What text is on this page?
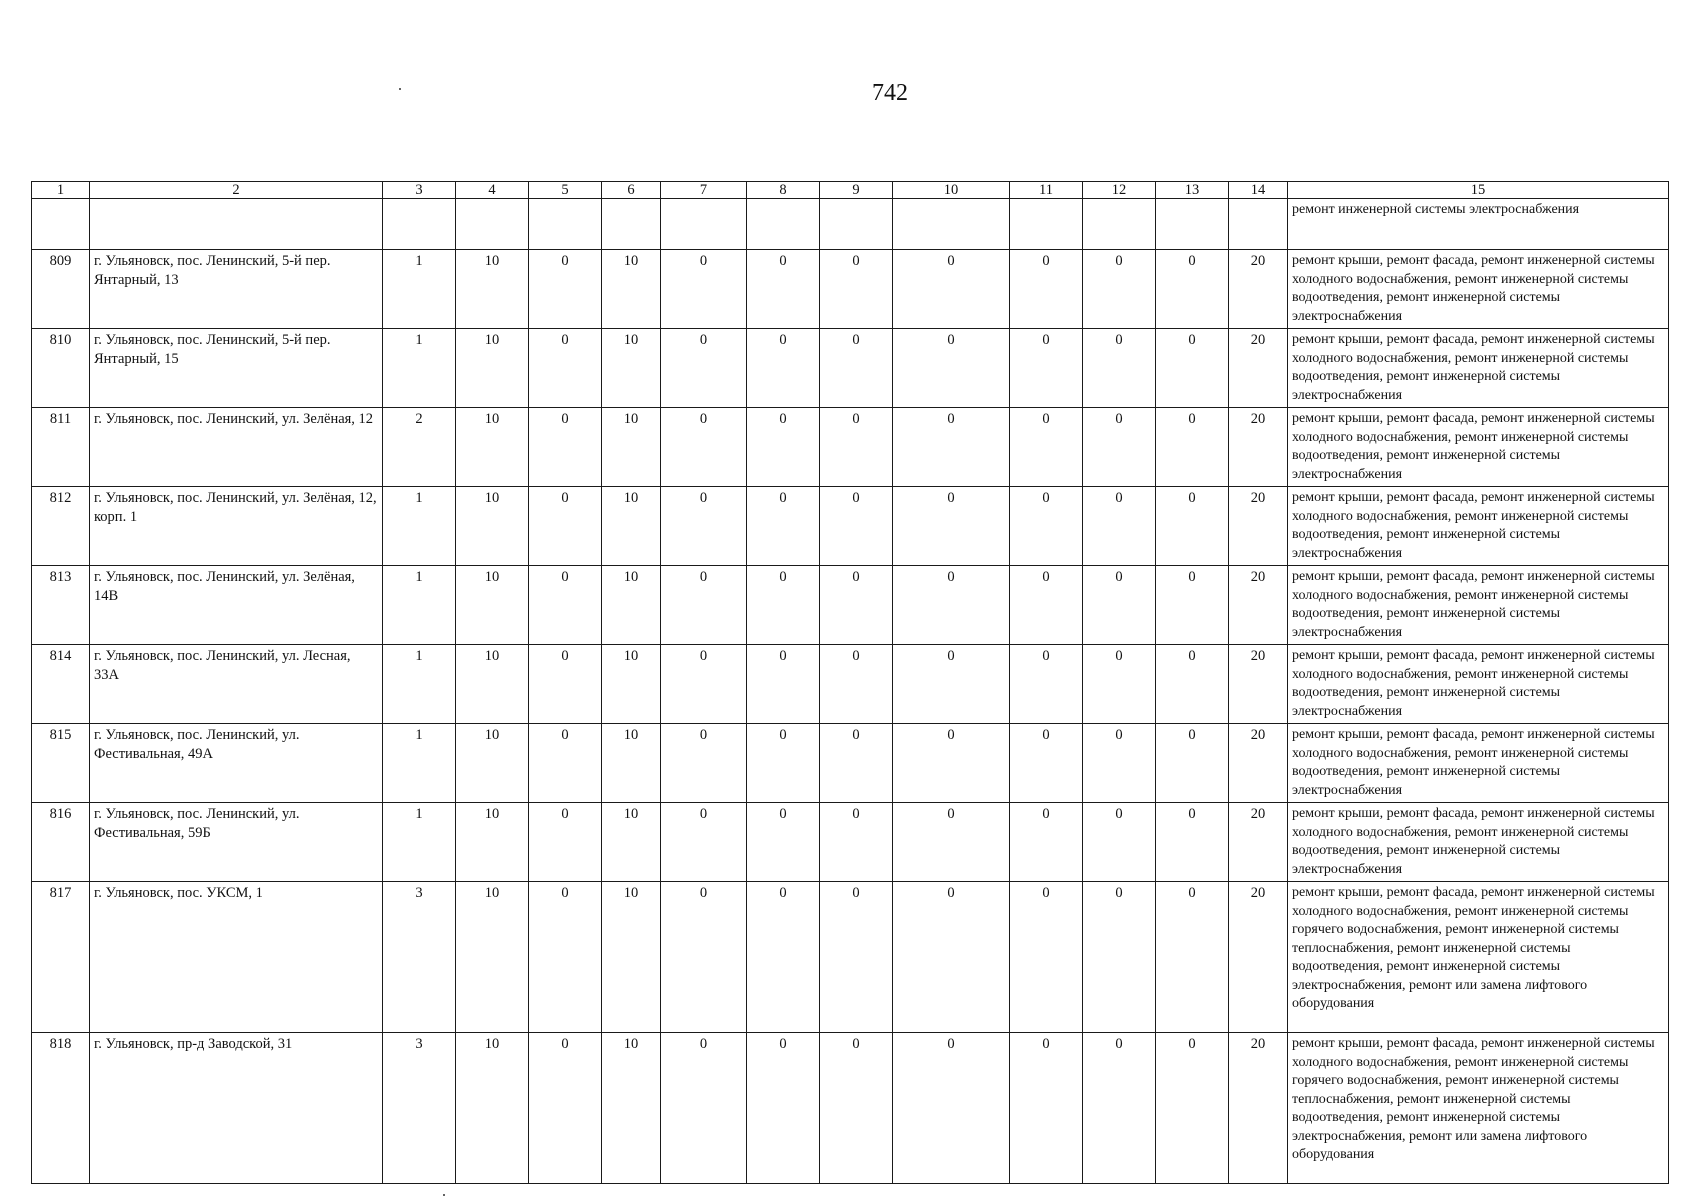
742
1	2	3	4	5	6	7	8	9	10	11	12	13	14	15
														ремонт инженерной системы электроснабжения
809	г. Ульяновск, пос. Ленинский, 5-й пер. Янтарный, 13	1	10	0	10	0	0	0	0	0	0	0	20	ремонт крыши, ремонт фасада, ремонт инженерной системы холодного водоснабжения, ремонт инженерной системы водоотведения, ремонт инженерной системы электроснабжения
810	г. Ульяновск, пос. Ленинский, 5-й пер. Янтарный, 15	1	10	0	10	0	0	0	0	0	0	0	20	ремонт крыши, ремонт фасада, ремонт инженерной системы холодного водоснабжения, ремонт инженерной системы водоотведения, ремонт инженерной системы электроснабжения
811	г. Ульяновск, пос. Ленинский, ул. Зелёная, 12	2	10	0	10	0	0	0	0	0	0	0	20	ремонт крыши, ремонт фасада, ремонт инженерной системы холодного водоснабжения, ремонт инженерной системы водоотведения, ремонт инженерной системы электроснабжения
812	г. Ульяновск, пос. Ленинский, ул. Зелёная, 12, корп. 1	1	10	0	10	0	0	0	0	0	0	0	20	ремонт крыши, ремонт фасада, ремонт инженерной системы холодного водоснабжения, ремонт инженерной системы водоотведения, ремонт инженерной системы электроснабжения
813	г. Ульяновск, пос. Ленинский, ул. Зелёная, 14В	1	10	0	10	0	0	0	0	0	0	0	20	ремонт крыши, ремонт фасада, ремонт инженерной системы холодного водоснабжения, ремонт инженерной системы водоотведения, ремонт инженерной системы электроснабжения
814	г. Ульяновск, пос. Ленинский, ул. Лесная, 33А	1	10	0	10	0	0	0	0	0	0	0	20	ремонт крыши, ремонт фасада, ремонт инженерной системы холодного водоснабжения, ремонт инженерной системы водоотведения, ремонт инженерной системы электроснабжения
815	г. Ульяновск, пос. Ленинский, ул. Фестивальная, 49А	1	10	0	10	0	0	0	0	0	0	0	20	ремонт крыши, ремонт фасада, ремонт инженерной системы холодного водоснабжения, ремонт инженерной системы водоотведения, ремонт инженерной системы электроснабжения
816	г. Ульяновск, пос. Ленинский, ул. Фестивальная, 59Б	1	10	0	10	0	0	0	0	0	0	0	20	ремонт крыши, ремонт фасада, ремонт инженерной системы холодного водоснабжения, ремонт инженерной системы водоотведения, ремонт инженерной системы электроснабжения
817	г. Ульяновск, пос. УКСМ, 1	3	10	0	10	0	0	0	0	0	0	0	20	ремонт крыши, ремонт фасада, ремонт инженерной системы холодного водоснабжения, ремонт инженерной системы горячего водоснабжения, ремонт инженерной системы теплоснабжения, ремонт инженерной системы водоотведения, ремонт инженерной системы электроснабжения, ремонт или замена лифтового оборудования
818	г. Ульяновск, пр-д Заводской, 31	3	10	0	10	0	0	0	0	0	0	0	20	ремонт крыши, ремонт фасада, ремонт инженерной системы холодного водоснабжения, ремонт инженерной системы горячего водоснабжения, ремонт инженерной системы теплоснабжения, ремонт инженерной системы водоотведения, ремонт инженерной системы электроснабжения, ремонт или замена лифтового оборудования
